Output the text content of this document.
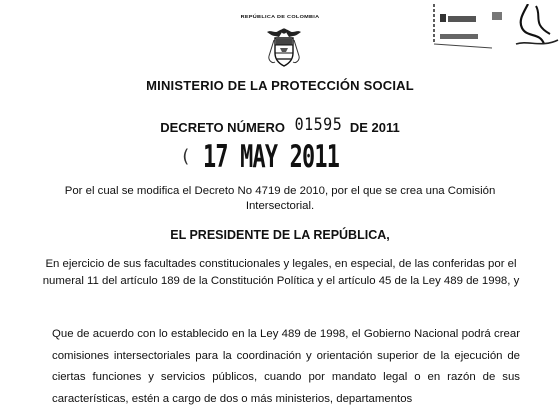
REPÚBLICA DE COLOMBIA
MINISTERIO DE LA PROTECCIÓN SOCIAL
DECRETO NÚMERO 01595 DE 2011
( 17 MAY 2011
Por el cual se modifica el Decreto No 4719 de 2010, por el que se crea una Comisión Intersectorial.
EL PRESIDENTE DE LA REPÚBLICA,
En ejercicio de sus facultades constitucionales y legales, en especial, de las conferidas por el numeral 11 del artículo 189 de la Constitución Política y el artículo 45 de la Ley 489 de 1998, y
Que de acuerdo con lo establecido en la Ley 489 de 1998, el Gobierno Nacional podrá crear comisiones intersectoriales para la coordinación y orientación superior de la ejecución de ciertas funciones y servicios públicos, cuando por mandato legal o en razón de sus características, estén a cargo de dos o más ministerios, departamentos
